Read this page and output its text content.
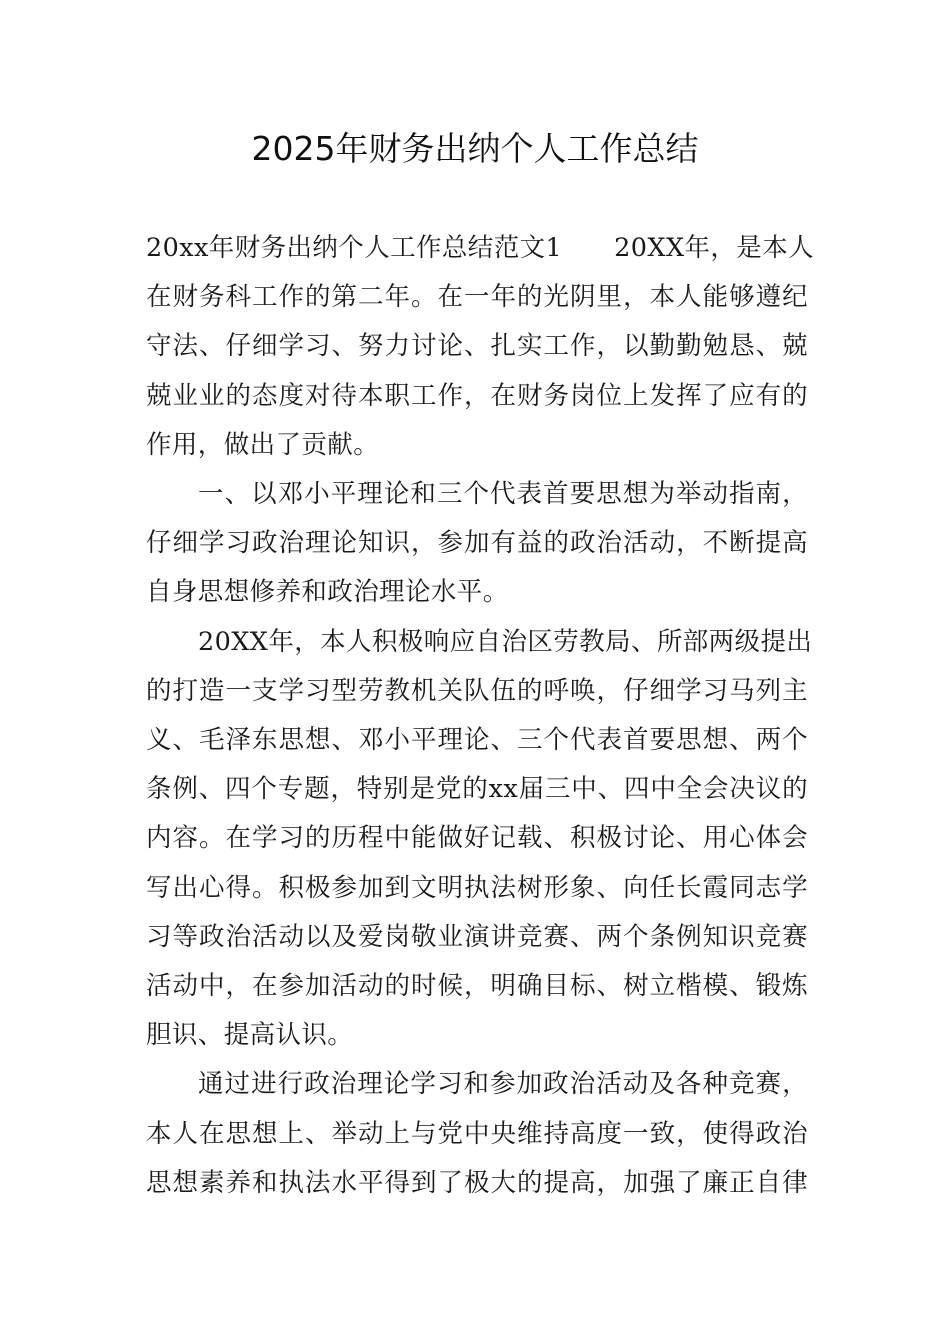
2025年财务出纳个人工作总结

20xx年财务出纳个人工作总结范文1 20XX年，是本人
在财务科工作的第二年。在一年的光阴里，本人能够遵纪
守法、仔细学习、努力讨论、扎实工作，以勤勤勉恳、兢
兢业业的态度对待本职工作，在财务岗位上发挥了应有的
作用，做出了贡献。

一、以邓小平理论和三个代表首要思想为举动指南，
仔细学习政治理论知识，参加有益的政治活动，不断提高
自身思想修养和政治理论水平。

20XX年，本人积极响应自治区劳教局、所部两级提出
的打造一支学习型劳教机关队伍的呼唤，仔细学习马列主
义、毛泽东思想、邓小平理论、三个代表首要思想、两个
条例、四个专题，特别是党的xx届三中、四中全会决议的
内容。在学习的历程中能做好记载、积极讨论、用心体会
写出心得。积极参加到文明执法树形象、向任长霞同志学
习等政治活动以及爱岗敬业演讲竞赛、两个条例知识竞赛
活动中，在参加活动的时候，明确目标、树立楷模、锻炼
胆识、提高认识。

通过进行政治理论学习和参加政治活动及各种竞赛，
本人在思想上、举动上与党中央维持高度一致，使得政治
思想素养和执法水平得到了极大的提高，加强了廉正自律
